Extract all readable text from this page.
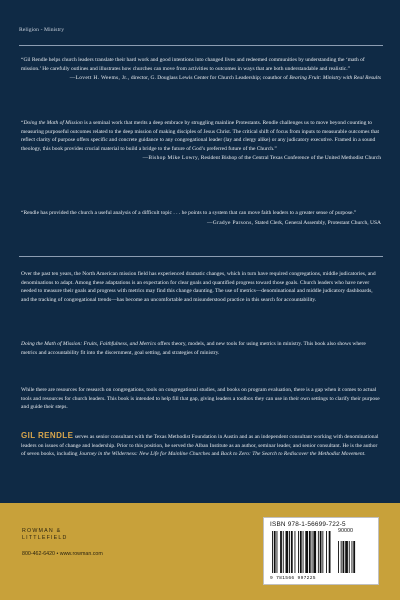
Religion - Ministry
“Gil Rendle helps church leaders translate their hard work and good intentions into changed lives and redeemed communities by understanding the ‘math of mission.’ He carefully outlines and illustrates how churches can move from activities to outcomes in ways that are both understandable and realistic.”
—Lovett H. Weems, Jr., director, G. Douglass Lewis Center for Church Leadership; coauthor of Bearing Fruit: Ministry with Real Results
“Doing the Math of Mission is a seminal work that merits a deep embrace by struggling mainline Protestants. Rendle challenges us to move beyond counting to measuring purposeful outcomes related to the deep mission of making disciples of Jesus Christ. The critical shift of focus from inputs to measurable outcomes that reflect clarity of purpose offers specific and concrete guidance to any congregational leader (lay and clergy alike) or any judicatory executive. Framed in a sound theology, this book provides crucial material to build a bridge to the future of God’s preferred future of the Church.”
—Bishop Mike Lowry, Resident Bishop of the Central Texas Conference of the United Methodist Church
“Rendle has provided the church a useful analysis of a difficult topic . . . he points to a system that can move faith leaders to a greater sense of purpose.”
—Gradye Parsons, Stated Clerk, General Assembly, Protestant Church, USA
Over the past ten years, the North American mission field has experienced dramatic changes, which in turn have required congregations, middle judicatories, and denominations to adapt. Among these adaptations is an expectation for clear goals and quantified progress toward those goals. Church leaders who have never needed to measure their goals and progress with metrics may find this change daunting. The use of metrics—denominational and middle judicatory dashboards, and the tracking of congregational trends—has become an uncomfortable and misunderstood practice in this search for accountability.
Doing the Math of Mission: Fruits, Faithfulness, and Metrics offers theory, models, and new tools for using metrics in ministry. This book also shows where metrics and accountability fit into the discernment, goal setting, and strategies of ministry.
While there are resources for research on congregations, tools on congregational studies, and books on program evaluation, there is a gap when it comes to actual tools and resources for church leaders. This book is intended to help fill that gap, giving leaders a toolbox they can use in their own settings to clarify their purpose and guide their steps.
GIL RENDLE serves as senior consultant with the Texas Methodist Foundation in Austin and as an independent consultant working with denominational leaders on issues of change and leadership. Prior to this position, he served the Alban Institute as an author, seminar leader, and senior consultant. He is the author of seven books, including Journey in the Wilderness: New Life for Mainline Churches and Back to Zero: The Search to Rediscover the Methodist Movement.
ROWMAN &
LITTLEFIELD
800-462-6420 • www.rowman.com
ISBN 978-1-56699-722-5
90000
9 781566 997225
